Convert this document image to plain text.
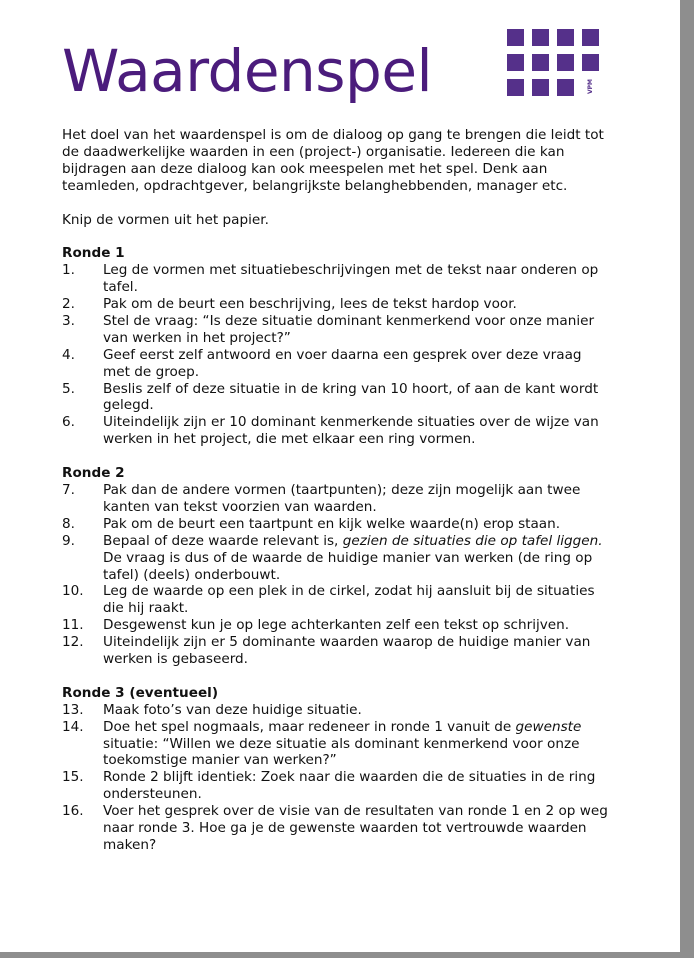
Waardenspel	VPM

Het doel van het waardenspel is om de dialoog op gang te brengen die leidt tot de daadwerkelijke waarden in een (project-) organisatie. Iedereen die kan bijdragen aan deze dialoog kan ook meespelen met het spel. Denk aan teamleden, opdrachtgever, belangrijkste belanghebbenden, manager etc.

Knip de vormen uit het papier.

Ronde 1
1.	Leg de vormen met situatiebeschrijvingen met de tekst naar onderen op tafel.
2.	Pak om de beurt een beschrijving, lees de tekst hardop voor.
3.	Stel de vraag: “Is deze situatie dominant kenmerkend voor onze manier van werken in het project?”
4.	Geef eerst zelf antwoord en voer daarna een gesprek over deze vraag met de groep.
5.	Beslis zelf of deze situatie in de kring van 10 hoort, of aan de kant wordt gelegd.
6.	Uiteindelijk zijn er 10 dominant kenmerkende situaties over de wijze van werken in het project, die met elkaar een ring vormen.
Ronde 2
7.	Pak dan de andere vormen (taartpunten); deze zijn mogelijk aan twee kanten van tekst voorzien van waarden.
8.	Pak om de beurt een taartpunt en kijk welke waarde(n) erop staan.
9.	Bepaal of deze waarde relevant is, gezien de situaties die op tafel liggen. De vraag is dus of de waarde de huidige manier van werken (de ring op tafel) (deels) onderbouwt.
10.	Leg de waarde op een plek in de cirkel, zodat hij aansluit bij de situaties die hij raakt.
11.	Desgewenst kun je op lege achterkanten zelf een tekst op schrijven.
12.	Uiteindelijk zijn er 5 dominante waarden waarop de huidige manier van werken is gebaseerd.
Ronde 3 (eventueel)
13.	Maak foto’s van deze huidige situatie.
14.	Doe het spel nogmaals, maar redeneer in ronde 1 vanuit de gewenste situatie: “Willen we deze situatie als dominant kenmerkend voor onze toekomstige manier van werken?”
15.	Ronde 2 blijft identiek: Zoek naar die waarden die de situaties in de ring ondersteunen.
16.	Voer het gesprek over de visie van de resultaten van ronde 1 en 2 op weg naar ronde 3. Hoe ga je de gewenste waarden tot vertrouwde waarden maken?
